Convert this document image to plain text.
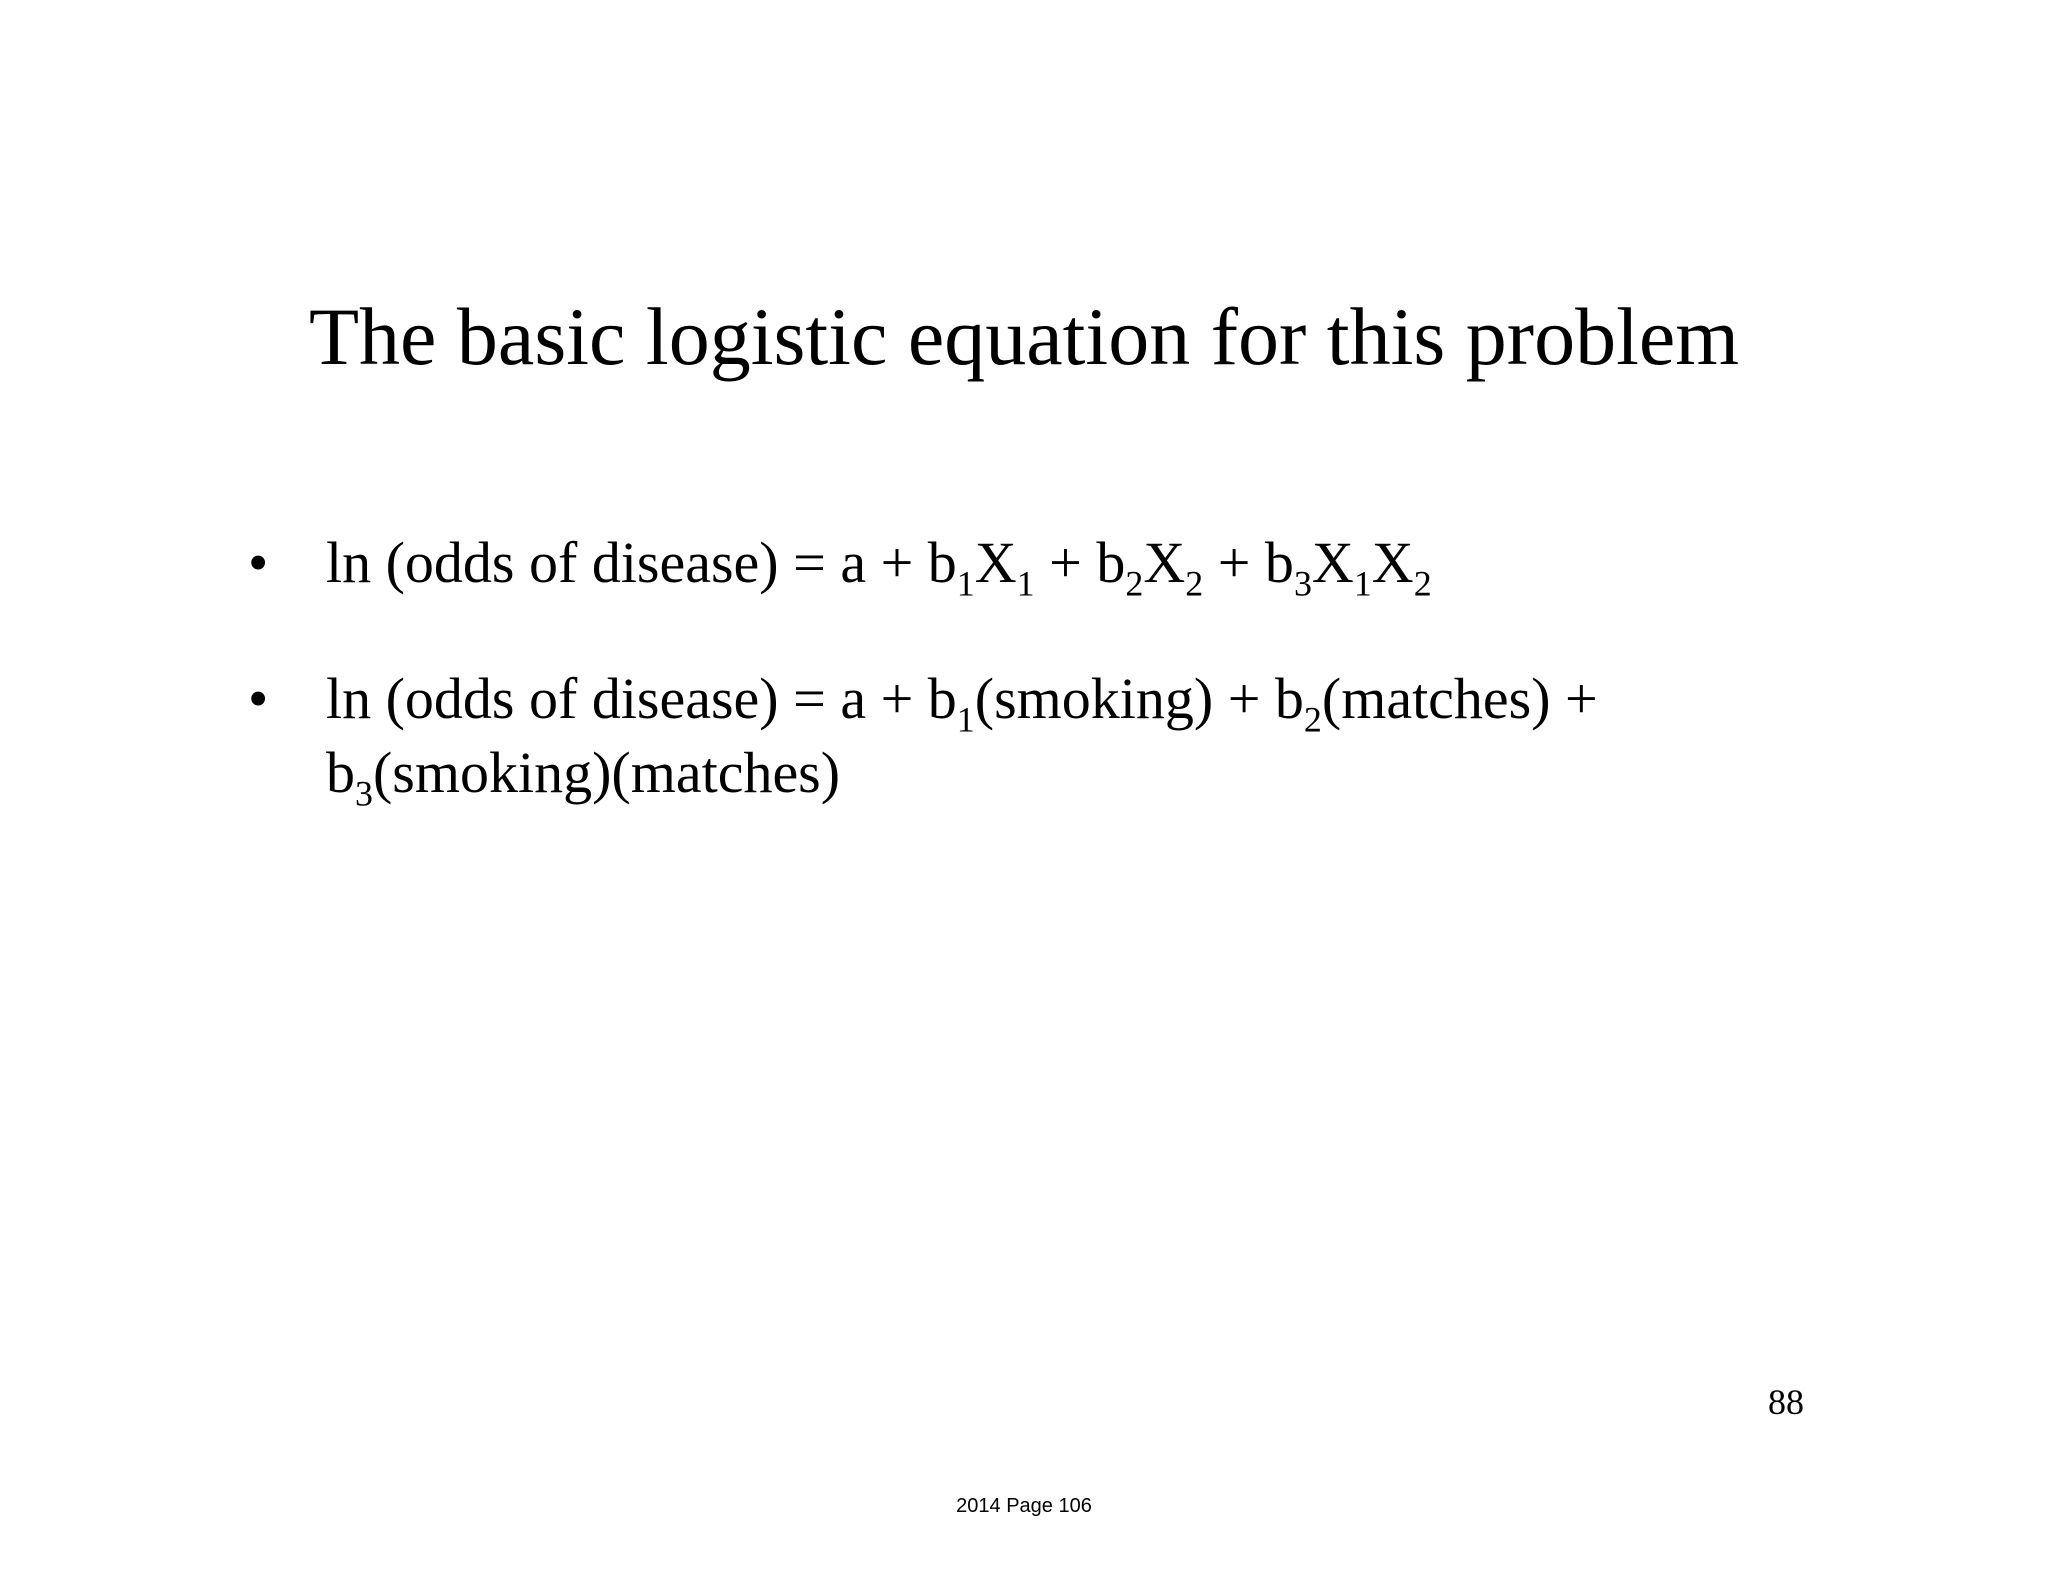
The basic logistic equation for this problem
• ln (odds of disease) = $a + b_1X_1 + b_2X_2 + b_3X_1X_2$
• ln (odds of disease) = $a + b_1(smoking)$ + $b_2(matches)$ +
$b_3(smoking)(matches)$
88
2014 Page 106
